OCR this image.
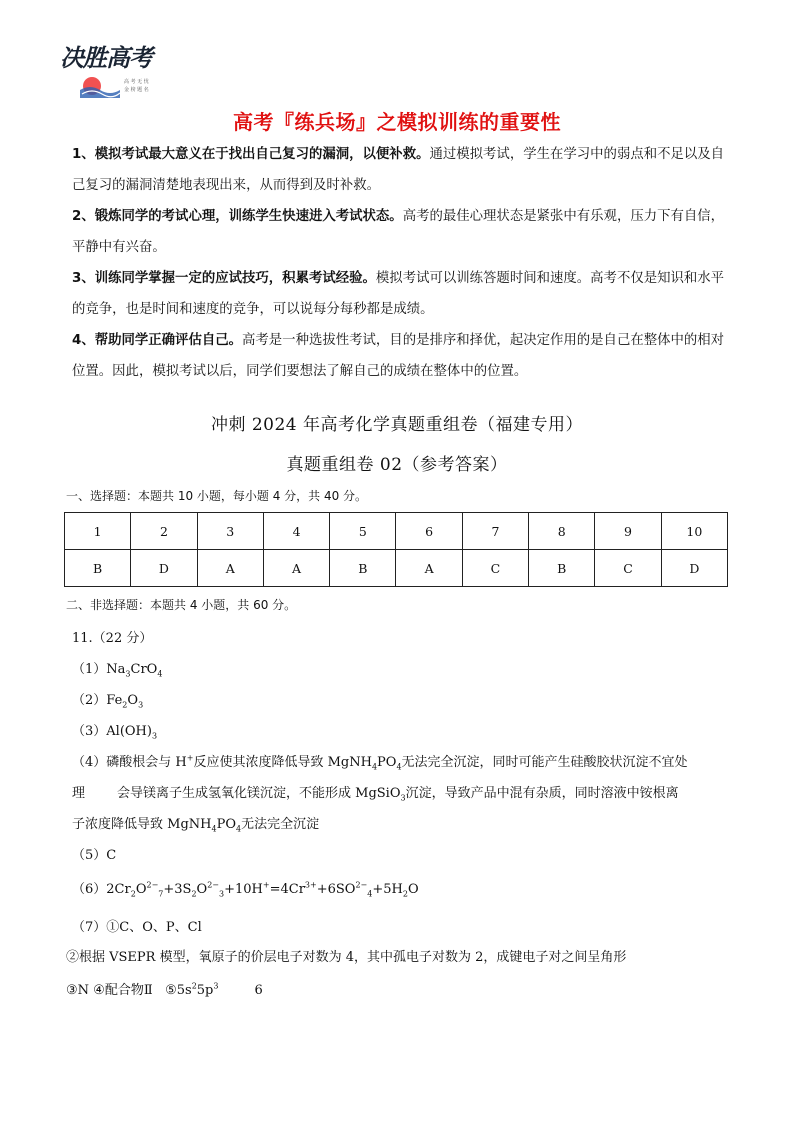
决胜高考
高 考 无 忧
金 榜 题 名
高考『练兵场』之模拟训练的重要性
1、模拟考试最大意义在于找出自己复习的漏洞，以便补救。通过模拟考试，学生在学习中的弱点和不足以及自己复习的漏洞清楚地表现出来，从而得到及时补救。
2、锻炼同学的考试心理，训练学生快速进入考试状态。高考的最佳心理状态是紧张中有乐观，压力下有自信，平静中有兴奋。
3、训练同学掌握一定的应试技巧，积累考试经验。模拟考试可以训练答题时间和速度。高考不仅是知识和水平的竞争，也是时间和速度的竞争，可以说每分每秒都是成绩。
4、帮助同学正确评估自己。高考是一种选拔性考试，目的是排序和择优，起决定作用的是自己在整体中的相对位置。因此，模拟考试以后，同学们要想法了解自己的成绩在整体中的位置。
冲刺 2024 年高考化学真题重组卷（福建专用）
真题重组卷 02（参考答案）
一、选择题：本题共 10 小题，每小题 4 分，共 40 分。
1	2	3	4	5	6	7	8	9	10
B	D	A	A	B	A	C	B	C	D
二、非选择题：本题共 4 小题，共 60 分。
11.（22 分）
$(1)Na_3CrO_4$
$(2)Fe_2O_3$
$(3)Al(OH)_3$
（4）磷酸根会与 H+反应使其浓度降低导致 $MgNH_4PO_4$无法完全沉淀，同时可能产生硅酸胶状沉淀不宜处
理 会导镁离子生成氢氧化镁沉淀，不能形成 MgSiO$_3$沉淀，导致产品中混有杂质，同时溶液中铵根离
子浓度降低导致 $MgNH_4PO_4$无法完全沉淀
（5）C
$(6)2Cr_2O^{2-}_7+3S_2O^{2-}_3+10H^+=4Cr^{3+}+6SO^{2-}_4+5H_2O$
（7）①C、O、P、Cl
②根据 VSEPR 模型，氧原子的价层电子对数为 4，其中孤电子对数为 2，成键电子对之间呈角形
③N ④配合物Ⅱ $⑤5s^25p^3$	6
